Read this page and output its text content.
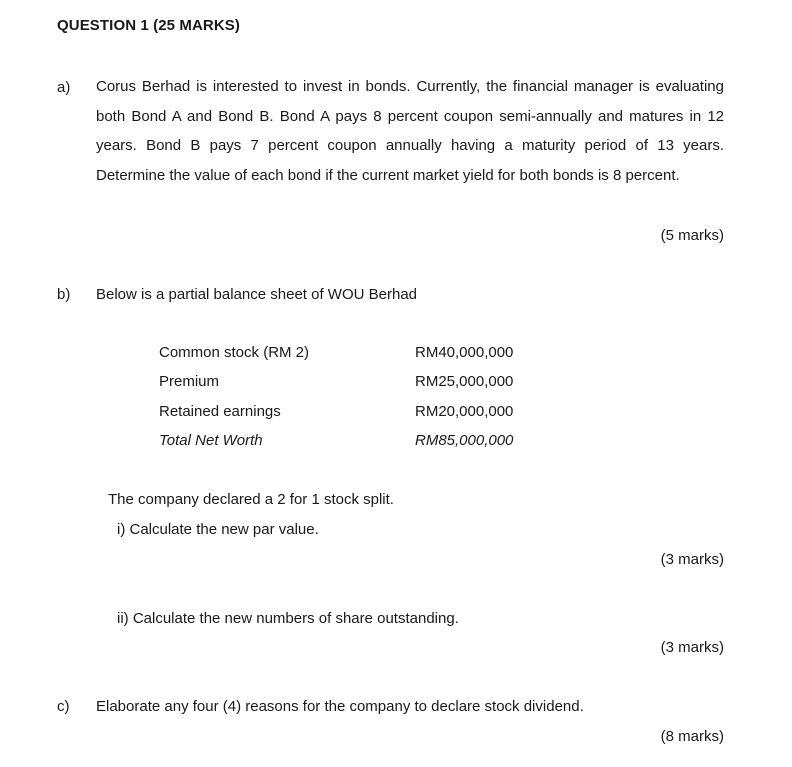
QUESTION 1 (25 MARKS)
a) Corus Berhad is interested to invest in bonds. Currently, the financial manager is evaluating both Bond A and Bond B. Bond A pays 8 percent coupon semi-annually and matures in 12 years. Bond B pays 7 percent coupon annually having a maturity period of 13 years. Determine the value of each bond if the current market yield for both bonds is 8 percent.
(5 marks)
b) Below is a partial balance sheet of WOU Berhad
Common stock (RM 2)	RM40,000,000
Premium	RM25,000,000
Retained earnings	RM20,000,000
Total Net Worth	RM85,000,000
The company declared a 2 for 1 stock split.
i) Calculate the new par value.
(3 marks)
ii) Calculate the new numbers of share outstanding.
(3 marks)
c) Elaborate any four (4) reasons for the company to declare stock dividend.
(8 marks)
